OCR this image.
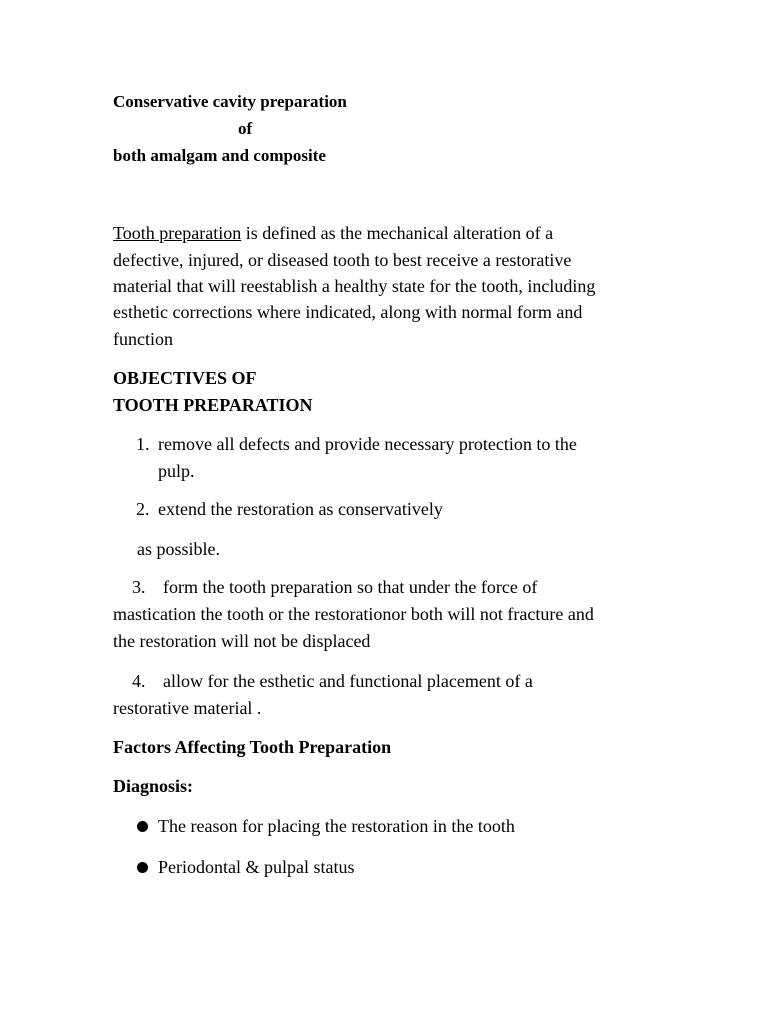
Conservative cavity preparation
of
both amalgam and composite
Tooth preparation is defined as the mechanical alteration of a
defective, injured, or diseased tooth to best receive a restorative
material that will reestablish a healthy state for the tooth, including
esthetic corrections where indicated, along with normal form and
function
OBJECTIVES OF
TOOTH PREPARATION
1. remove all defects and provide necessary protection to the
pulp.
2. extend the restoration as conservatively
as possible.
3. form the tooth preparation so that under the force of
mastication the tooth or the restorationor both will not fracture and
the restoration will not be displaced
4. allow for the esthetic and functional placement of a
restorative material .
Factors Affecting Tooth Preparation
Diagnosis:
The reason for placing the restoration in the tooth
Periodontal & pulpal status
